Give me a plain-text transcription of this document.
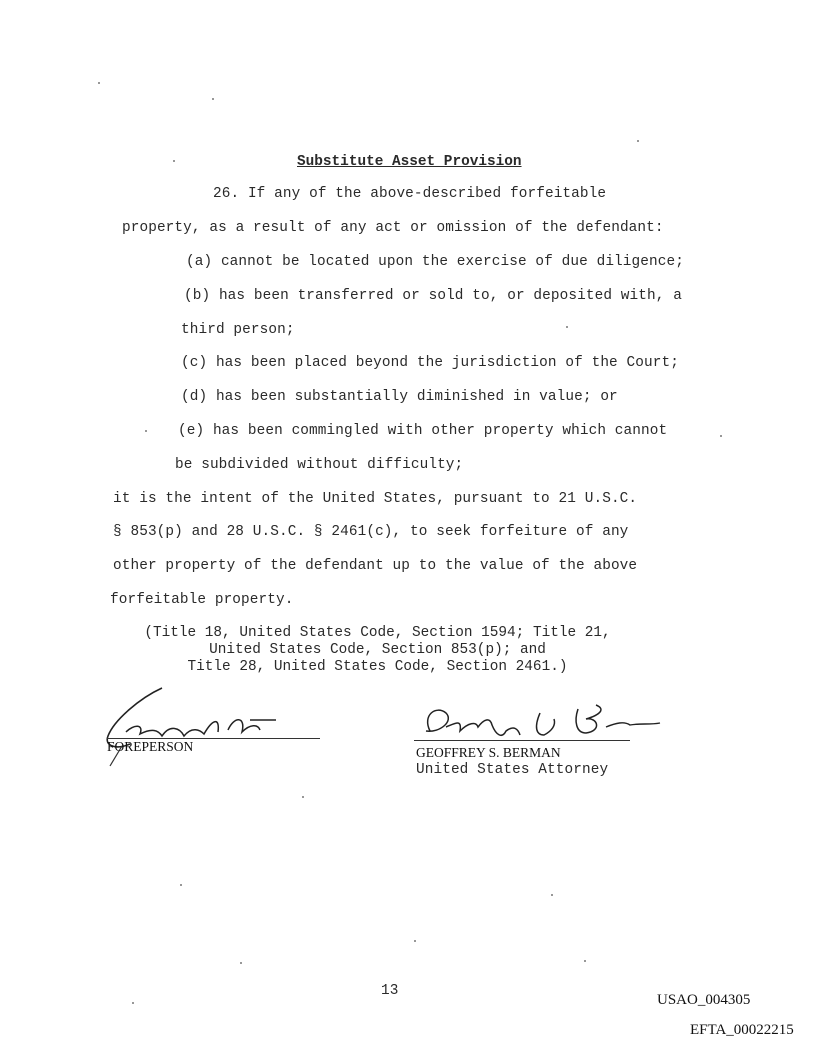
Substitute Asset Provision
26. If any of the above-described forfeitable
property, as a result of any act or omission of the defendant:
(a) cannot be located upon the exercise of due diligence;
(b) has been transferred or sold to, or deposited with, a
third person;
(c) has been placed beyond the jurisdiction of the Court;
(d) has been substantially diminished in value; or
(e) has been commingled with other property which cannot
be subdivided without difficulty;
it is the intent of the United States, pursuant to 21 U.S.C.
§ 853(p) and 28 U.S.C. § 2461(c), to seek forfeiture of any
other property of the defendant up to the value of the above
forfeitable property.
(Title 18, United States Code, Section 1594; Title 21,
United States Code, Section 853(p); and
Title 28, United States Code, Section 2461.)
FOREPERSON	GEOFFREY S. BERMAN
United States Attorney
13
USAO_004305
EFTA_00022215
